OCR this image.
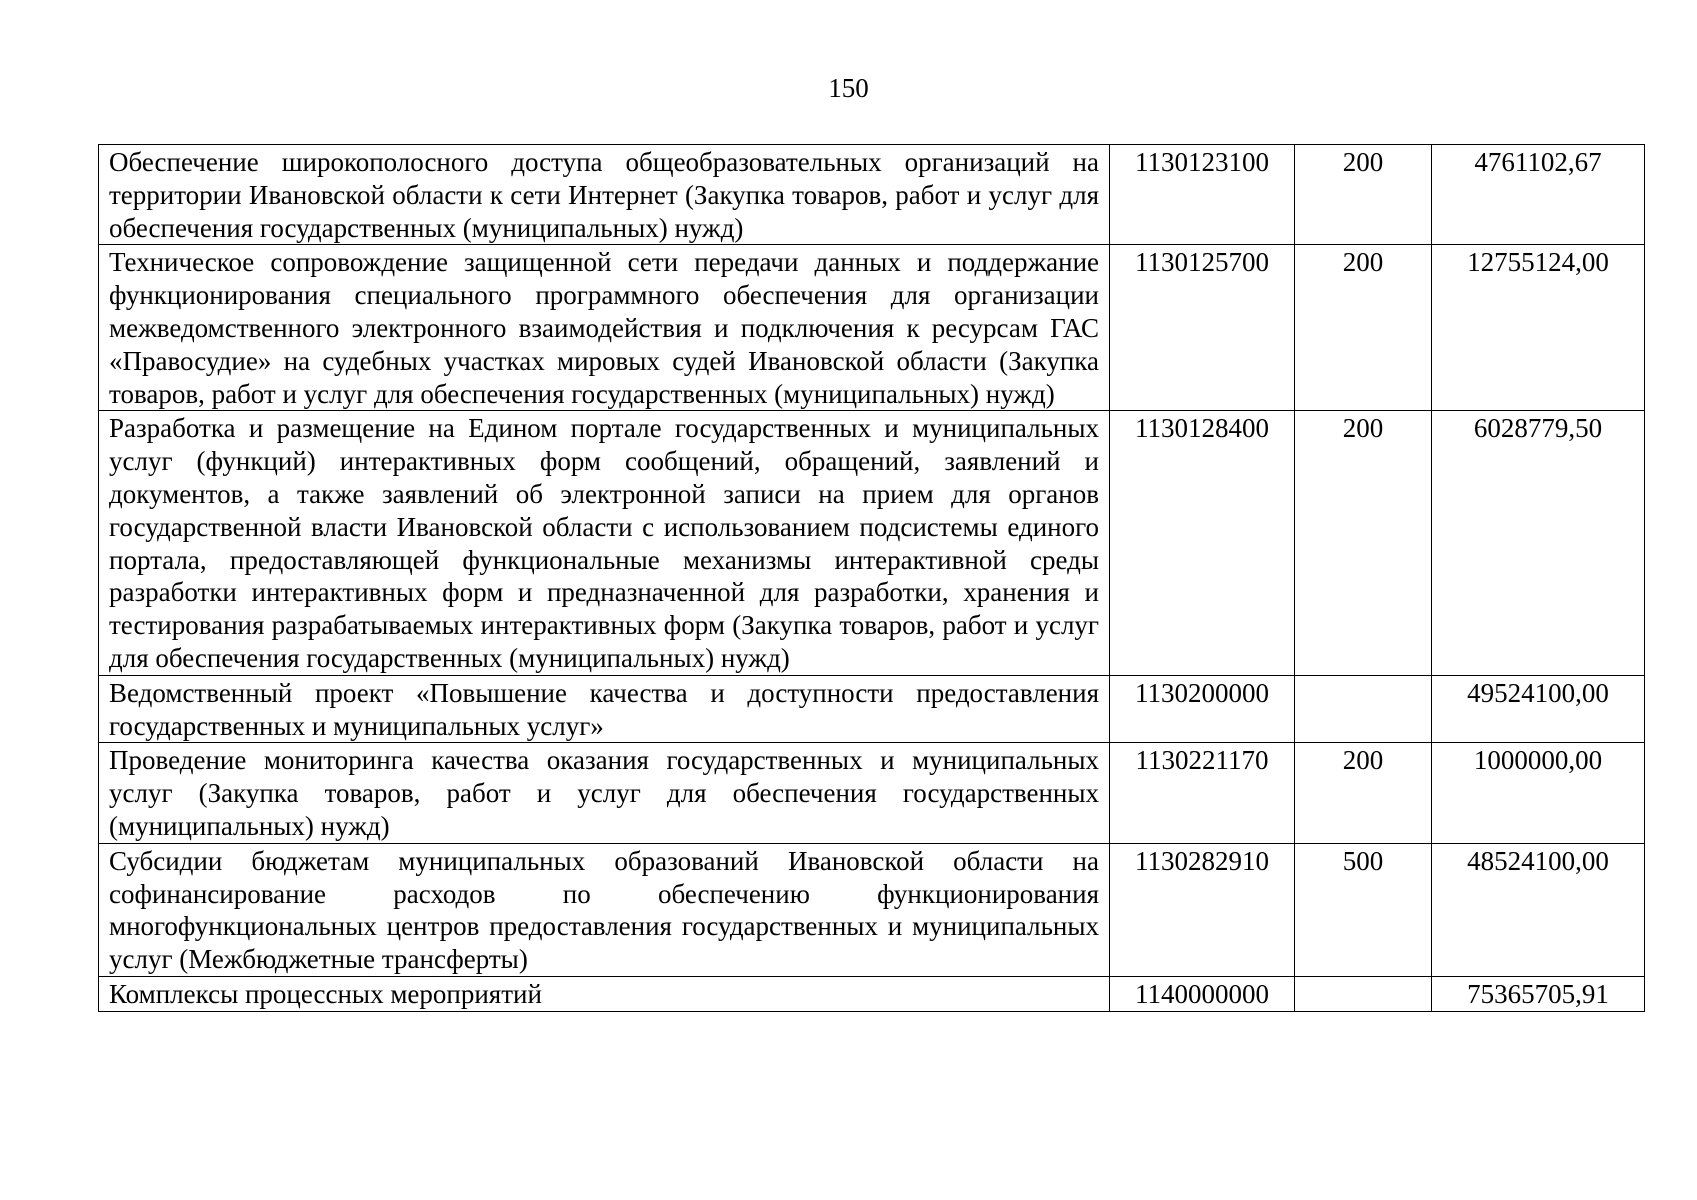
150
Обеспечение широкополосного доступа общеобразовательных организаций на территории Ивановской области к сети Интернет (Закупка товаров, работ и услуг для обеспечения государственных (муниципальных) нужд)	1130123100	200	4761102,67
Техническое сопровождение защищенной сети передачи данных и поддержание функционирования специального программного обеспечения для организации межведомственного электронного взаимодействия и подключения к ресурсам ГАС «Правосудие» на судебных участках мировых судей Ивановской области (Закупка товаров, работ и услуг для обеспечения государственных (муниципальных) нужд)	1130125700	200	12755124,00
Разработка и размещение на Едином портале государственных и муниципальных услуг (функций) интерактивных форм сообщений, обращений, заявлений и документов, а также заявлений об электронной записи на прием для органов государственной власти Ивановской области с использованием подсистемы единого портала, предоставляющей функциональные механизмы интерактивной среды разработки интерактивных форм и предназначенной для разработки, хранения и тестирования разрабатываемых интерактивных форм (Закупка товаров, работ и услуг для обеспечения государственных (муниципальных) нужд)	1130128400	200	6028779,50
Ведомственный проект «Повышение качества и доступности предоставления государственных и муниципальных услуг»	1130200000		49524100,00
Проведение мониторинга качества оказания государственных и муниципальных услуг (Закупка товаров, работ и услуг для обеспечения государственных (муниципальных) нужд)	1130221170	200	1000000,00
Субсидии бюджетам муниципальных образований Ивановской области на софинансирование расходов по обеспечению функционирования многофункциональных центров предоставления государственных и муниципальных услуг (Межбюджетные трансферты)	1130282910	500	48524100,00
Комплексы процессных мероприятий	1140000000		75365705,91
